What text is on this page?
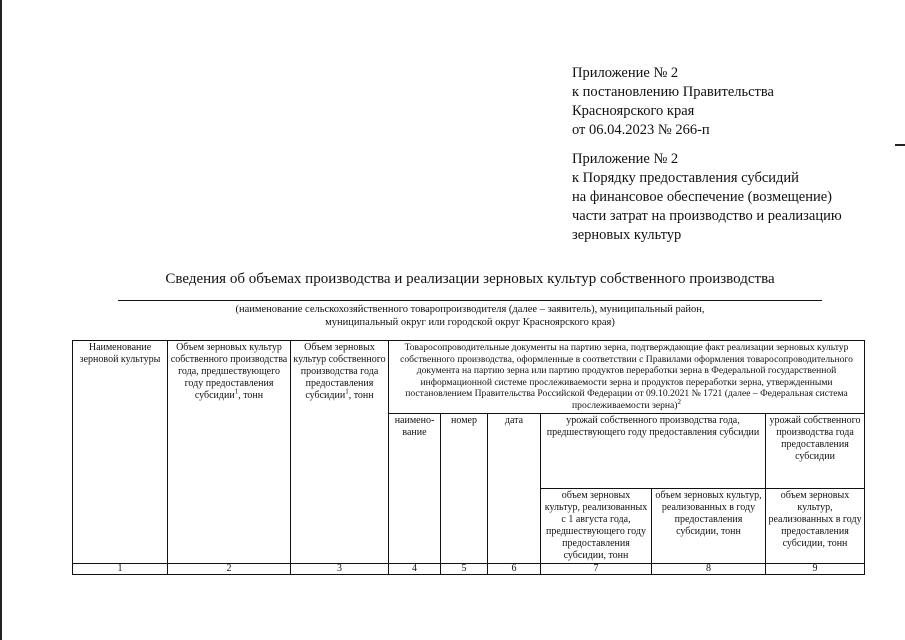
Приложение № 2
к постановлению Правительства
Красноярского края
от 06.04.2023 № 266-п
Приложение № 2
к Порядку предоставления субсидий
на финансовое обеспечение (возмещение)
части затрат на производство и реализацию
зерновых культур
Сведения об объемах производства и реализации зерновых культур собственного производства
(наименование сельскохозяйственного товаропроизводителя (далее – заявитель), муниципальный район,
муниципальный округ или городской округ Красноярского края)
Наименование зерновой культуры	Объем зерновых культур собственного производства года, предшествующего году предоставления субсидии$^1$, тонн	Объем зерновых культур собственного производства года предоставления субсидии$^1$, тонн	Товаросопроводительные документы на партию зерна, подтверждающие факт реализации зерновых культур собственного производства, оформленные в соответствии с Правилами оформления товаросопроводительного документа на партию зерна или партию продуктов переработки зерна в Федеральной государственной информационной системе прослеживаемости зерна и продуктов переработки зерна, утвержденными постановлением Правительства Российской Федерации от 09.10.2021 № 1721 (далее – Федеральная система прослеживаемости зерна)$^2$
			наимено-вание	номер	дата	урожай собственного производства года, предшествующего году предоставления субсидии		урожай собственного производства года предоставления субсидии
						объем зерновых культур, реализованных с 1 августа года, предшествующего году предоставления субсидии, тонн	объем зерновых культур, реализованных в году предоставления субсидии, тонн	объем зерновых культур, реализованных в году предоставления субсидии, тонн
1	2	3	4	5	6	7	8	9
